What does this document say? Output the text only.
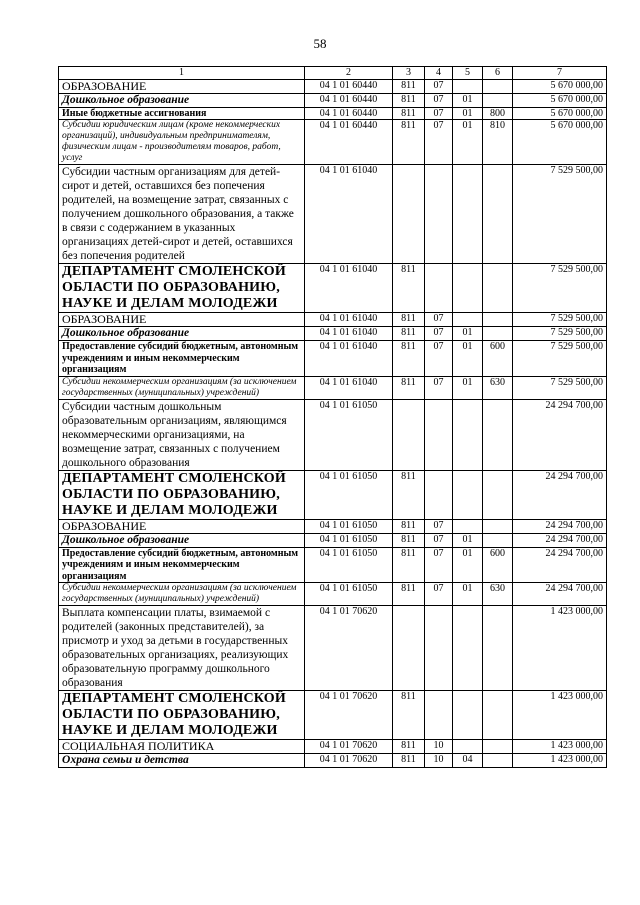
58
1	2	3	4	5	6	7
ОБРАЗОВАНИЕ	04 1 01 60440	811	07			5 670 000,00
Дошкольное образование	04 1 01 60440	811	07	01		5 670 000,00
Иные бюджетные ассигнования	04 1 01 60440	811	07	01	800	5 670 000,00
Субсидии юридическим лицам (кроме некоммерческих организаций), индивидуальным предпринимателям, физическим лицам - производителям товаров, работ, услуг	04 1 01 60440	811	07	01	810	5 670 000,00
Субсидии частным организациям для детей-сирот и детей, оставшихся без попечения родителей, на возмещение затрат, связанных с получением дошкольного образования, а также в связи с содержанием в указанных организациях детей-сирот и детей, оставшихся без попечения родителей	04 1 01 61040					7 529 500,00
ДЕПАРТАМЕНТ СМОЛЕНСКОЙ ОБЛАСТИ ПО ОБРАЗОВАНИЮ, НАУКЕ И ДЕЛАМ МОЛОДЕЖИ	04 1 01 61040	811				7 529 500,00
ОБРАЗОВАНИЕ	04 1 01 61040	811	07			7 529 500,00
Дошкольное образование	04 1 01 61040	811	07	01		7 529 500,00
Предоставление субсидий бюджетным, автономным учреждениям и иным некоммерческим организациям	04 1 01 61040	811	07	01	600	7 529 500,00
Субсидии некоммерческим организациям (за исключением государственных (муниципальных) учреждений)	04 1 01 61040	811	07	01	630	7 529 500,00
Субсидии частным дошкольным образовательным организациям, являющимся некоммерческими организациями, на возмещение затрат, связанных с получением дошкольного образования	04 1 01 61050					24 294 700,00
ДЕПАРТАМЕНТ СМОЛЕНСКОЙ ОБЛАСТИ ПО ОБРАЗОВАНИЮ, НАУКЕ И ДЕЛАМ МОЛОДЕЖИ	04 1 01 61050	811				24 294 700,00
ОБРАЗОВАНИЕ	04 1 01 61050	811	07			24 294 700,00
Дошкольное образование	04 1 01 61050	811	07	01		24 294 700,00
Предоставление субсидий бюджетным, автономным учреждениям и иным некоммерческим организациям	04 1 01 61050	811	07	01	600	24 294 700,00
Субсидии некоммерческим организациям (за исключением государственных (муниципальных) учреждений)	04 1 01 61050	811	07	01	630	24 294 700,00
Выплата компенсации платы, взимаемой с родителей (законных представителей), за присмотр и уход за детьми в государственных образовательных организациях, реализующих образовательную программу дошкольного образования	04 1 01 70620					1 423 000,00
ДЕПАРТАМЕНТ СМОЛЕНСКОЙ ОБЛАСТИ ПО ОБРАЗОВАНИЮ, НАУКЕ И ДЕЛАМ МОЛОДЕЖИ	04 1 01 70620	811				1 423 000,00
СОЦИАЛЬНАЯ ПОЛИТИКА	04 1 01 70620	811	10			1 423 000,00
Охрана семьи и детства	04 1 01 70620	811	10	04		1 423 000,00
